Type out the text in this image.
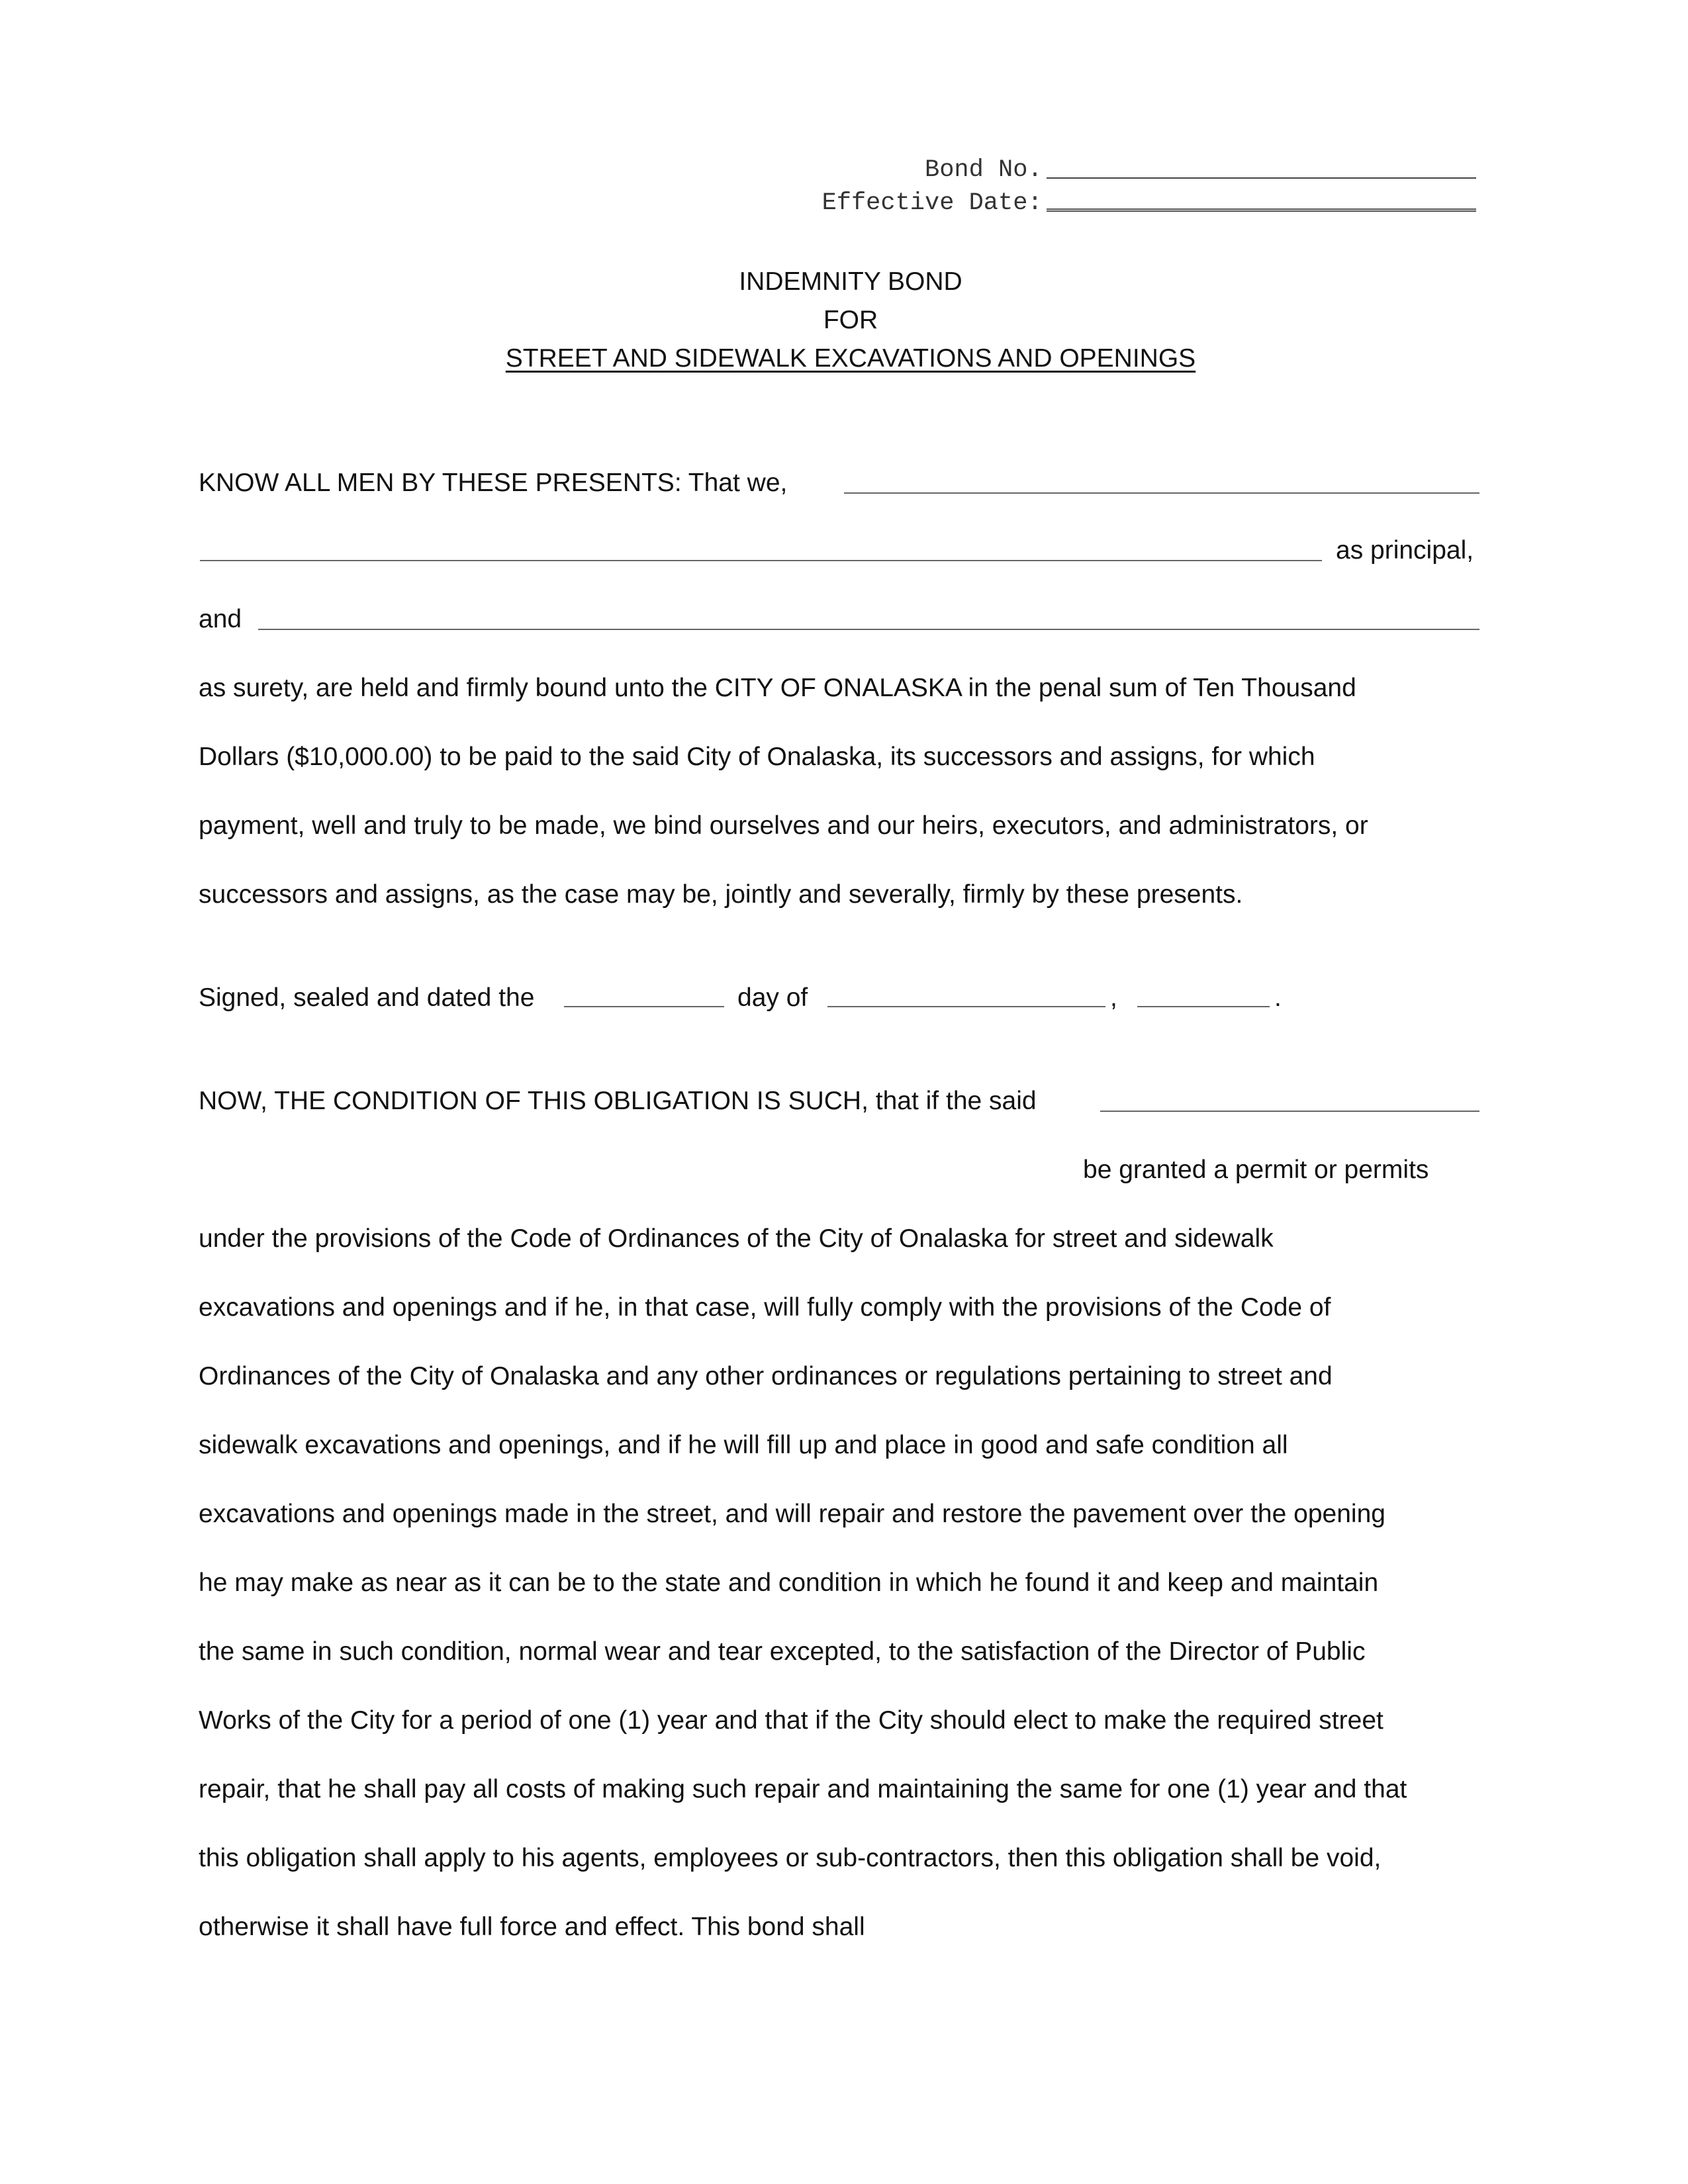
Bond No.
Effective Date:
INDEMNITY BOND
FOR
STREET AND SIDEWALK EXCAVATIONS AND OPENINGS
KNOW ALL MEN BY THESE PRESENTS: That we,
as principal,
and
as surety, are held and firmly bound unto the CITY OF ONALASKA in the penal sum of Ten Thousand
Dollars ($10,000.00) to be paid to the said City of Onalaska, its successors and assigns, for which
payment, well and truly to be made, we bind ourselves and our heirs, executors, and administrators, or
successors and assigns, as the case may be, jointly and severally, firmly by these presents.
Signed, sealed and dated the	day of	,	.
NOW, THE CONDITION OF THIS OBLIGATION IS SUCH, that if the said
be granted a permit or permits
under the provisions of the Code of Ordinances of the City of Onalaska for street and sidewalk
excavations and openings and if he, in that case, will fully comply with the provisions of the Code of
Ordinances of the City of Onalaska and any other ordinances or regulations pertaining to street and
sidewalk excavations and openings, and if he will fill up and place in good and safe condition all
excavations and openings made in the street, and will repair and restore the pavement over the opening
he may make as near as it can be to the state and condition in which he found it and keep and maintain
the same in such condition, normal wear and tear excepted, to the satisfaction of the Director of Public
Works of the City for a period of one (1) year and that if the City should elect to make the required street
repair, that he shall pay all costs of making such repair and maintaining the same for one (1) year and that
this obligation shall apply to his agents, employees or sub-contractors, then this obligation shall be void,
otherwise it shall have full force and effect. This bond shall
